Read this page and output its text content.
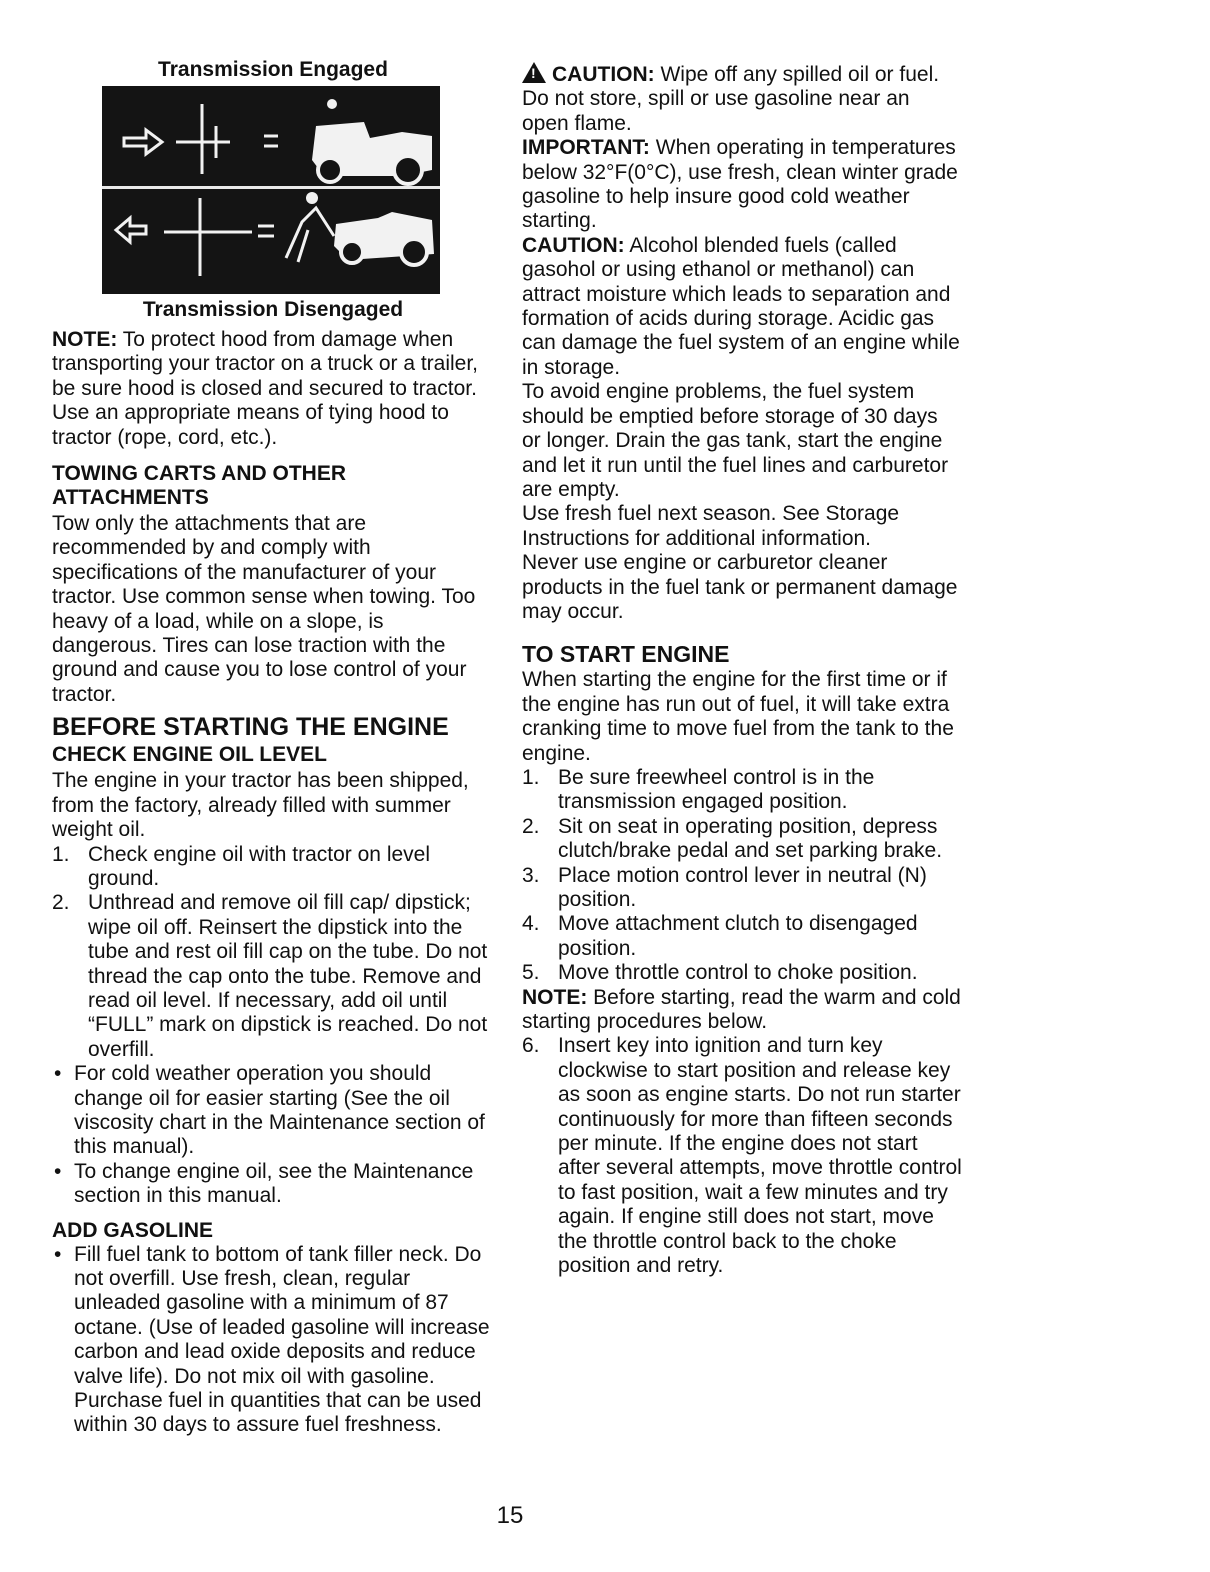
Transmission Engaged
Transmission Disengaged

NOTE: To protect hood from damage when transporting your tractor on a truck or a trailer, be sure hood is closed and secured to tractor. Use an appropriate means of tying hood to tractor (rope, cord, etc.).

TOWING CARTS AND OTHER ATTACHMENTS

Tow only the attachments that are recommended by and comply with specifications of the manufacturer of your tractor. Use common sense when towing. Too heavy of a load, while on a slope, is dangerous. Tires can lose traction with the ground and cause you to lose control of your tractor.

BEFORE STARTING THE ENGINE

CHECK ENGINE OIL LEVEL

The engine in your tractor has been shipped, from the factory, already filled with summer weight oil.

1. Check engine oil with tractor on level ground.
2. Unthread and remove oil fill cap/ dipstick; wipe oil off. Reinsert the dipstick into the tube and rest oil fill cap on the tube. Do not thread the cap onto the tube. Remove and read oil level. If necessary, add oil until “FULL” mark on dipstick is reached. Do not overfill.
• For cold weather operation you should change oil for easier starting (See the oil viscosity chart in the Maintenance section of this manual).
• To change engine oil, see the Maintenance section in this manual.

ADD GASOLINE

• Fill fuel tank to bottom of tank filler neck. Do not overfill. Use fresh, clean, regular unleaded gasoline with a minimum of 87 octane. (Use of leaded gasoline will increase carbon and lead oxide deposits and reduce valve life). Do not mix oil with gasoline. Purchase fuel in quantities that can be used within 30 days to assure fuel freshness.

! CAUTION: Wipe off any spilled oil or fuel. Do not store, spill or use gasoline near an open flame.

IMPORTANT: When operating in temperatures below 32°F(0°C), use fresh, clean winter grade gasoline to help insure good cold weather starting.

CAUTION: Alcohol blended fuels (called gasohol or using ethanol or methanol) can attract moisture which leads to separation and formation of acids during storage. Acidic gas can damage the fuel system of an engine while in storage.

To avoid engine problems, the fuel system should be emptied before storage of 30 days or longer. Drain the gas tank, start the engine and let it run until the fuel lines and carburetor are empty.

Use fresh fuel next season. See Storage Instructions for additional information.

Never use engine or carburetor cleaner products in the fuel tank or permanent damage may occur.

TO START ENGINE

When starting the engine for the first time or if the engine has run out of fuel, it will take extra cranking time to move fuel from the tank to the engine.

1. Be sure freewheel control is in the transmission engaged position.
2. Sit on seat in operating position, depress clutch/brake pedal and set parking brake.
3. Place motion control lever in neutral (N) position.
4. Move attachment clutch to disengaged position.
5. Move throttle control to choke position.

NOTE: Before starting, read the warm and cold starting procedures below.

6. Insert key into ignition and turn key clockwise to start position and release key as soon as engine starts. Do not run starter continuously for more than fifteen seconds per minute. If the engine does not start after several attempts, move throttle control to fast position, wait a few minutes and try again. If engine still does not start, move the throttle control back to the choke position and retry.
15
